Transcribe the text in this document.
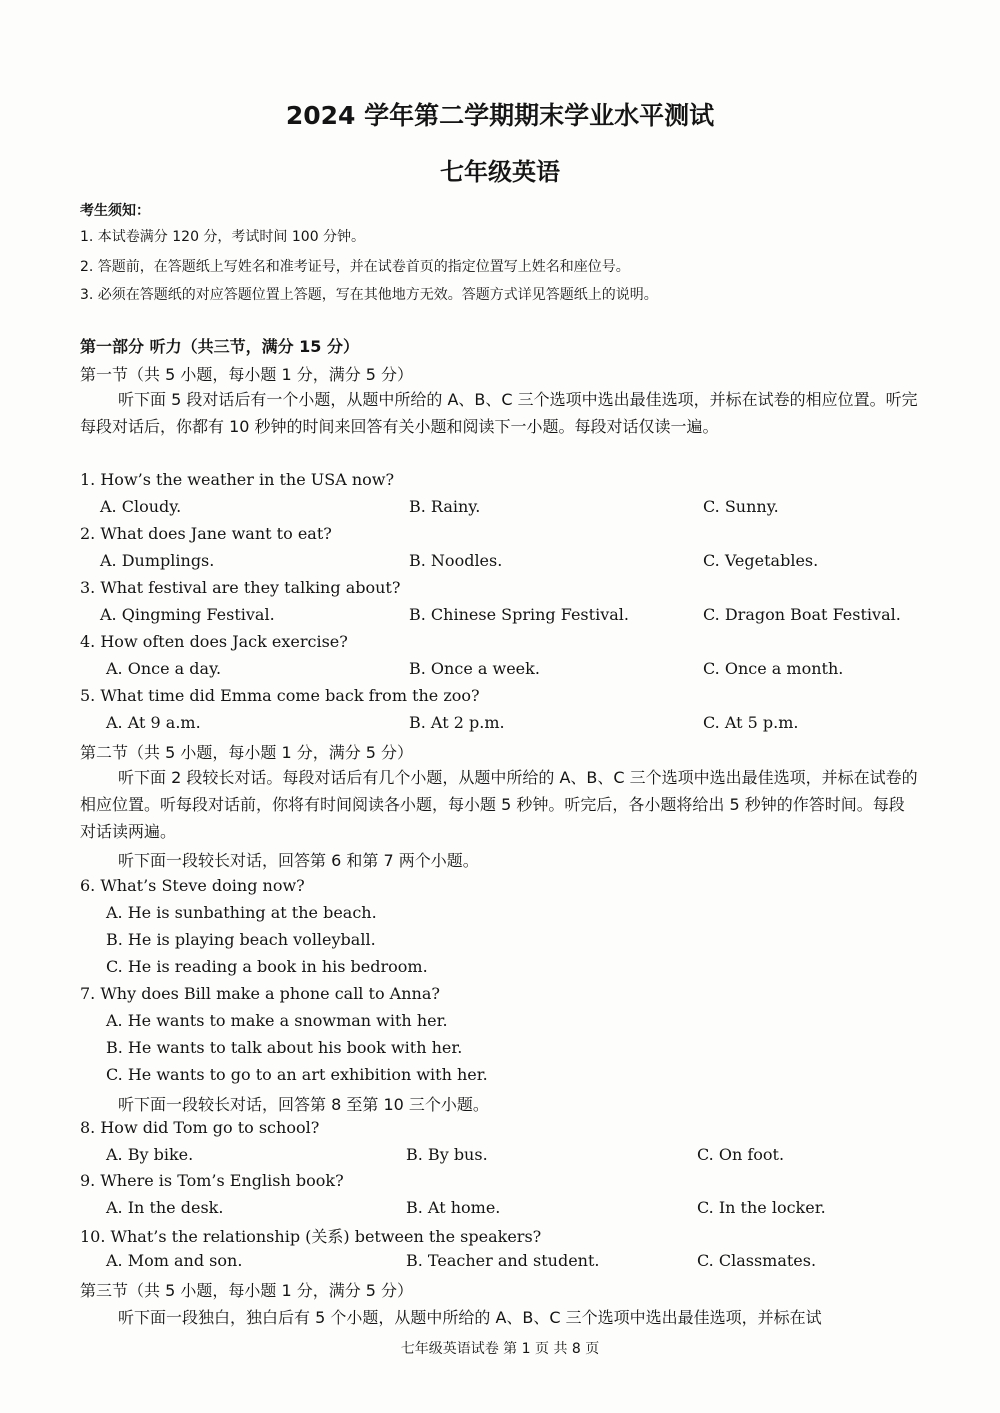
2024 学年第二学期期末学业水平测试
七年级英语
考生须知：
1. 本试卷满分 120 分，考试时间 100 分钟。
2. 答题前，在答题纸上写姓名和准考证号，并在试卷首页的指定位置写上姓名和座位号。
3. 必须在答题纸的对应答题位置上答题，写在其他地方无效。答题方式详见答题纸上的说明。
第一部分 听力（共三节，满分 15 分）
第一节（共 5 小题，每小题 1 分，满分 5 分）
听下面 5 段对话后有一个小题，从题中所给的 A、B、C 三个选项中选出最佳选项，并标在试卷的相应位置。听完每段对话后，你都有 10 秒钟的时间来回答有关小题和阅读下一小题。每段对话仅读一遍。
1. How’s the weather in the USA now?
A. Cloudy.	B. Rainy.	C. Sunny.
2. What does Jane want to eat?
A. Dumplings.	B. Noodles.	C. Vegetables.
3. What festival are they talking about?
A. Qingming Festival.	B. Chinese Spring Festival.	C. Dragon Boat Festival.
4. How often does Jack exercise?
A. Once a day.	B. Once a week.	C. Once a month.
5. What time did Emma come back from the zoo?
A. At 9 a.m.	B. At 2 p.m.	C. At 5 p.m.
第二节（共 5 小题，每小题 1 分，满分 5 分）
听下面 2 段较长对话。每段对话后有几个小题，从题中所给的 A、B、C 三个选项中选出最佳选项，并标在试卷的相应位置。听每段对话前，你将有时间阅读各小题，每小题 5 秒钟。听完后，各小题将给出 5 秒钟的作答时间。每段对话读两遍。
听下面一段较长对话，回答第 6 和第 7 两个小题。
6. What’s Steve doing now?
A. He is sunbathing at the beach.
B. He is playing beach volleyball.
C. He is reading a book in his bedroom.
7. Why does Bill make a phone call to Anna?
A. He wants to make a snowman with her.
B. He wants to talk about his book with her.
C. He wants to go to an art exhibition with her.
听下面一段较长对话，回答第 8 至第 10 三个小题。
8. How did Tom go to school?
A. By bike.	B. By bus.	C. On foot.
9. Where is Tom’s English book?
A. In the desk.	B. At home.	C. In the locker.
10. What’s the relationship (关系) between the speakers?
A. Mom and son.	B. Teacher and student.	C. Classmates.
第三节（共 5 小题，每小题 1 分，满分 5 分）
听下面一段独白，独白后有 5 个小题，从题中所给的 A、B、C 三个选项中选出最佳选项，并标在试
七年级英语试卷 第 1 页 共 8 页
